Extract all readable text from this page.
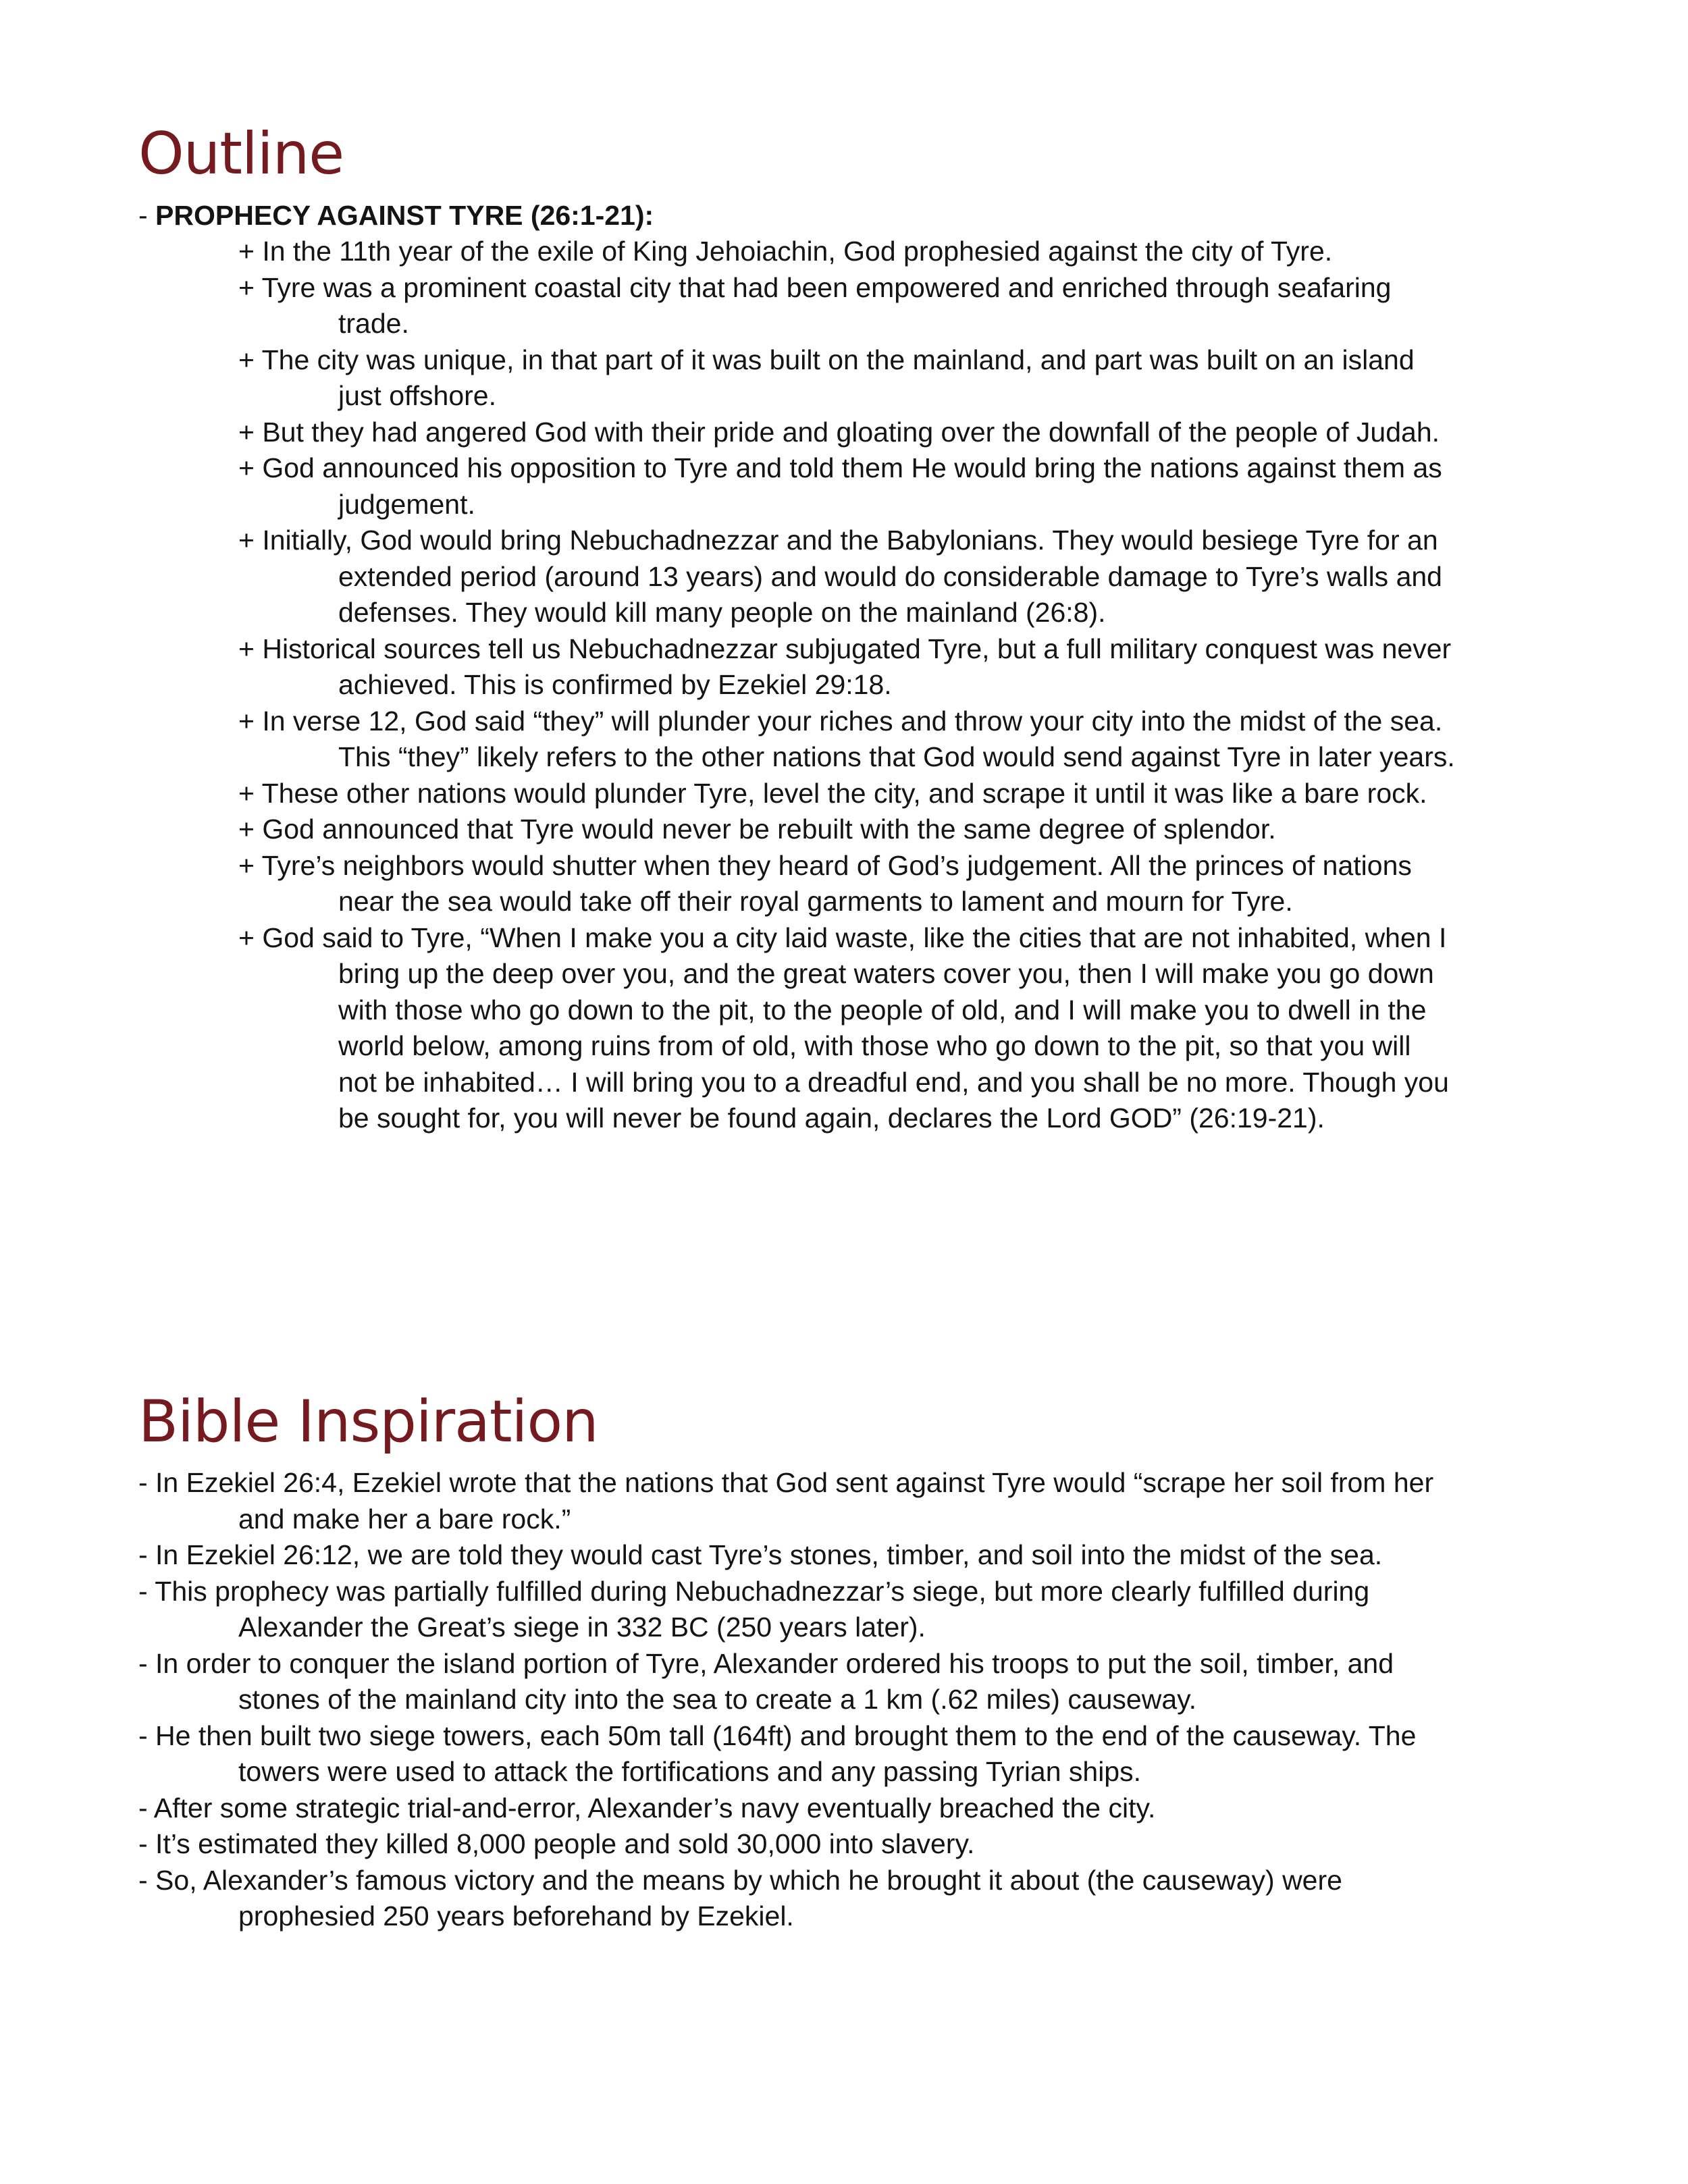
Outline

- PROPHECY AGAINST TYRE (26:1-21):

+ In the 11th year of the exile of King Jehoiachin, God prophesied against the city of Tyre.
+ Tyre was a prominent coastal city that had been empowered and enriched through seafaring
trade.
+ The city was unique, in that part of it was built on the mainland, and part was built on an island
just offshore.
+ But they had angered God with their pride and gloating over the downfall of the people of Judah.
+ God announced his opposition to Tyre and told them He would bring the nations against them as
judgement.
+ Initially, God would bring Nebuchadnezzar and the Babylonians. They would besiege Tyre for an
extended period (around 13 years) and would do considerable damage to Tyre’s walls and
defenses. They would kill many people on the mainland (26:8).
+ Historical sources tell us Nebuchadnezzar subjugated Tyre, but a full military conquest was never
achieved. This is confirmed by Ezekiel 29:18.
+ In verse 12, God said “they” will plunder your riches and throw your city into the midst of the sea.
This “they” likely refers to the other nations that God would send against Tyre in later years.
+ These other nations would plunder Tyre, level the city, and scrape it until it was like a bare rock.
+ God announced that Tyre would never be rebuilt with the same degree of splendor.
+ Tyre’s neighbors would shutter when they heard of God’s judgement. All the princes of nations
near the sea would take off their royal garments to lament and mourn for Tyre.
+ God said to Tyre, “When I make you a city laid waste, like the cities that are not inhabited, when I
bring up the deep over you, and the great waters cover you, then I will make you go down
with those who go down to the pit, to the people of old, and I will make you to dwell in the
world below, among ruins from of old, with those who go down to the pit, so that you will
not be inhabited… I will bring you to a dreadful end, and you shall be no more. Though you
be sought for, you will never be found again, declares the Lord GOD” (26:19-21).
Bible Inspiration
- In Ezekiel 26:4, Ezekiel wrote that the nations that God sent against Tyre would “scrape her soil from her
and make her a bare rock.”
- In Ezekiel 26:12, we are told they would cast Tyre’s stones, timber, and soil into the midst of the sea.
- This prophecy was partially fulfilled during Nebuchadnezzar’s siege, but more clearly fulfilled during
Alexander the Great’s siege in 332 BC (250 years later).
- In order to conquer the island portion of Tyre, Alexander ordered his troops to put the soil, timber, and
stones of the mainland city into the sea to create a 1 km (.62 miles) causeway.
- He then built two siege towers, each 50m tall (164ft) and brought them to the end of the causeway. The
towers were used to attack the fortifications and any passing Tyrian ships.
- After some strategic trial-and-error, Alexander’s navy eventually breached the city.
- It’s estimated they killed 8,000 people and sold 30,000 into slavery.
- So, Alexander’s famous victory and the means by which he brought it about (the causeway) were
prophesied 250 years beforehand by Ezekiel.
